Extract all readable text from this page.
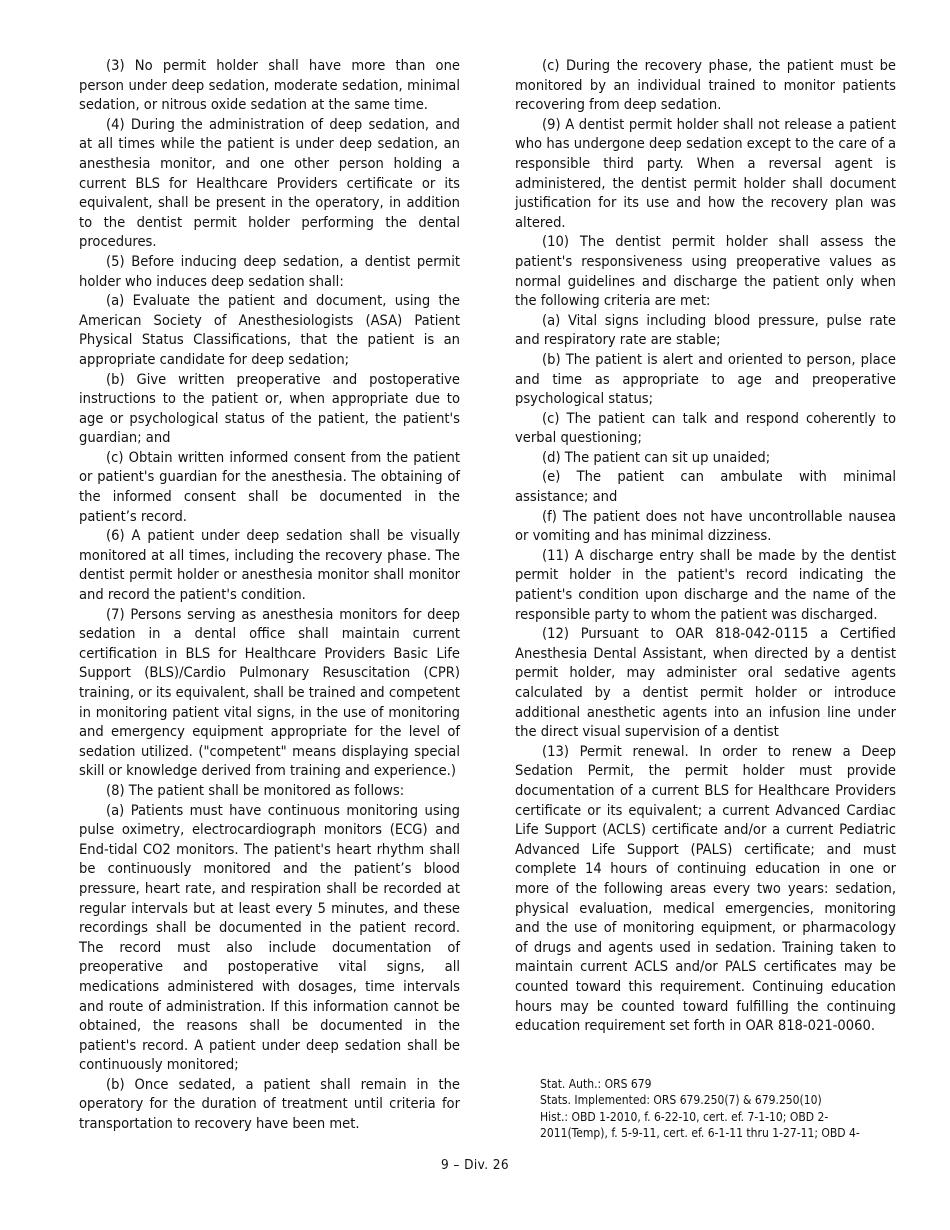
(3) No permit holder shall have more than one person under deep sedation, moderate sedation, minimal sedation, or nitrous oxide sedation at the same time.

(4) During the administration of deep sedation, and at all times while the patient is under deep sedation, an anesthesia monitor, and one other person holding a current BLS for Healthcare Providers certificate or its equivalent, shall be present in the operatory, in addition to the dentist permit holder performing the dental procedures.

(5) Before inducing deep sedation, a dentist permit holder who induces deep sedation shall:

(a) Evaluate the patient and document, using the American Society of Anesthesiologists (ASA) Patient Physical Status Classifications, that the patient is an appropriate candidate for deep sedation;

(b) Give written preoperative and postoperative instructions to the patient or, when appropriate due to age or psychological status of the patient, the patient's guardian; and

(c) Obtain written informed consent from the patient or patient's guardian for the anesthesia. The obtaining of the informed consent shall be documented in the patient’s record.

(6) A patient under deep sedation shall be visually monitored at all times, including the recovery phase. The dentist permit holder or anesthesia monitor shall monitor and record the patient's condition.

(7) Persons serving as anesthesia monitors for deep sedation in a dental office shall maintain current certification in BLS for Healthcare Providers Basic Life Support (BLS)/Cardio Pulmonary Resuscitation (CPR) training, or its equivalent, shall be trained and competent in monitoring patient vital signs, in the use of monitoring and emergency equipment appropriate for the level of sedation utilized. ("competent" means displaying special skill or knowledge derived from training and experience.)

(8) The patient shall be monitored as follows:

(a) Patients must have continuous monitoring using pulse oximetry, electrocardiograph monitors (ECG) and End-tidal CO2 monitors. The patient's heart rhythm shall be continuously monitored and the patient’s blood pressure, heart rate, and respiration shall be recorded at regular intervals but at least every 5 minutes, and these recordings shall be documented in the patient record. The record must also include documentation of preoperative and postoperative vital signs, all medications administered with dosages, time intervals and route of administration. If this information cannot be obtained, the reasons shall be documented in the patient's record. A patient under deep sedation shall be continuously monitored;

(b) Once sedated, a patient shall remain in the operatory for the duration of treatment until criteria for transportation to recovery have been met.

(c) During the recovery phase, the patient must be monitored by an individual trained to monitor patients recovering from deep sedation.

(9) A dentist permit holder shall not release a patient who has undergone deep sedation except to the care of a responsible third party. When a reversal agent is administered, the dentist permit holder shall document justification for its use and how the recovery plan was altered.

(10) The dentist permit holder shall assess the patient's responsiveness using preoperative values as normal guidelines and discharge the patient only when the following criteria are met:

(a) Vital signs including blood pressure, pulse rate and respiratory rate are stable;

(b) The patient is alert and oriented to person, place and time as appropriate to age and preoperative psychological status;

(c) The patient can talk and respond coherently to verbal questioning;

(d) The patient can sit up unaided;

(e) The patient can ambulate with minimal assistance; and

(f) The patient does not have uncontrollable nausea or vomiting and has minimal dizziness.

(11) A discharge entry shall be made by the dentist permit holder in the patient's record indicating the patient's condition upon discharge and the name of the responsible party to whom the patient was discharged.

(12) Pursuant to OAR 818-042-0115 a Certified Anesthesia Dental Assistant, when directed by a dentist permit holder, may administer oral sedative agents calculated by a dentist permit holder or introduce additional anesthetic agents into an infusion line under the direct visual supervision of a dentist

(13) Permit renewal. In order to renew a Deep Sedation Permit, the permit holder must provide documentation of a current BLS for Healthcare Providers certificate or its equivalent; a current Advanced Cardiac Life Support (ACLS) certificate and/or a current Pediatric Advanced Life Support (PALS) certificate; and must complete 14 hours of continuing education in one or more of the following areas every two years: sedation, physical evaluation, medical emergencies, monitoring and the use of monitoring equipment, or pharmacology of drugs and agents used in sedation. Training taken to maintain current ACLS and/or PALS certificates may be counted toward this requirement. Continuing education hours may be counted toward fulfilling the continuing education requirement set forth in OAR 818-021-0060.

Stat. Auth.: ORS 679

Stats. Implemented: ORS 679.250(7) & 679.250(10)

Hist.: OBD 1-2010, f. 6-22-10, cert. ef. 7-1-10; OBD 2-2011(Temp), f. 5-9-11, cert. ef. 6-1-11 thru 1-27-11; OBD 4-

9 – Div. 26
